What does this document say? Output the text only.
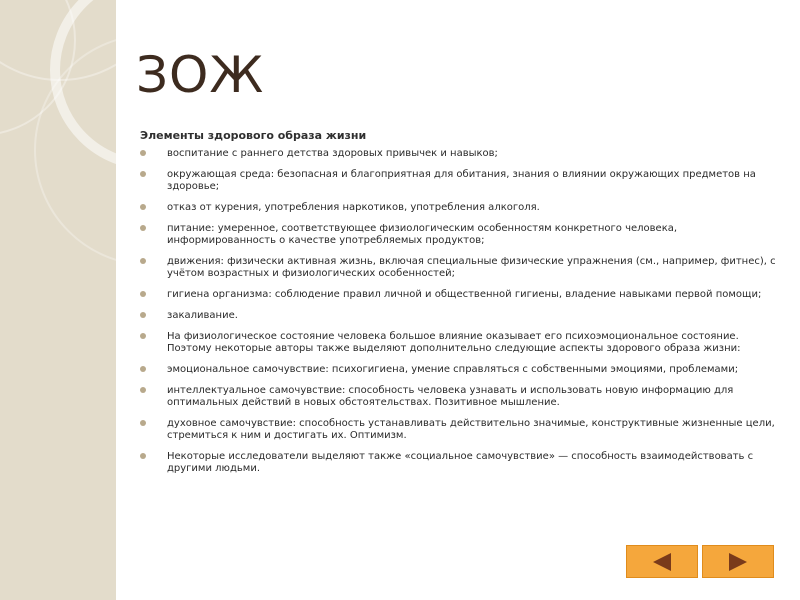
ЗОЖ
Элементы здорового образа жизни
воспитание с раннего детства здоровых привычек и навыков;
окружающая среда: безопасная и благоприятная для обитания, знания о влиянии окружающих предметов на здоровье;
отказ от курения, употребления наркотиков, употребления алкоголя.
питание: умеренное, соответствующее физиологическим особенностям конкретного человека, информированность о качестве употребляемых продуктов;
движения: физически активная жизнь, включая специальные физические упражнения (см., например, фитнес), с учётом возрастных и физиологических особенностей;
гигиена организма: соблюдение правил личной и общественной гигиены, владение навыками первой помощи;
закаливание.
На физиологическое состояние человека большое влияние оказывает его психоэмоциональное состояние. Поэтому некоторые авторы также выделяют дополнительно следующие аспекты здорового образа жизни:
эмоциональное самочувствие: психогигиена, умение справляться с собственными эмоциями, проблемами;
интеллектуальное самочувствие: способность человека узнавать и использовать новую информацию для оптимальных действий в новых обстоятельствах. Позитивное мышление.
духовное самочувствие: способность устанавливать действительно значимые, конструктивные жизненные цели, стремиться к ним и достигать их. Оптимизм.
Некоторые исследователи выделяют также «социальное самочувствие» — способность взаимодействовать с другими людьми.
